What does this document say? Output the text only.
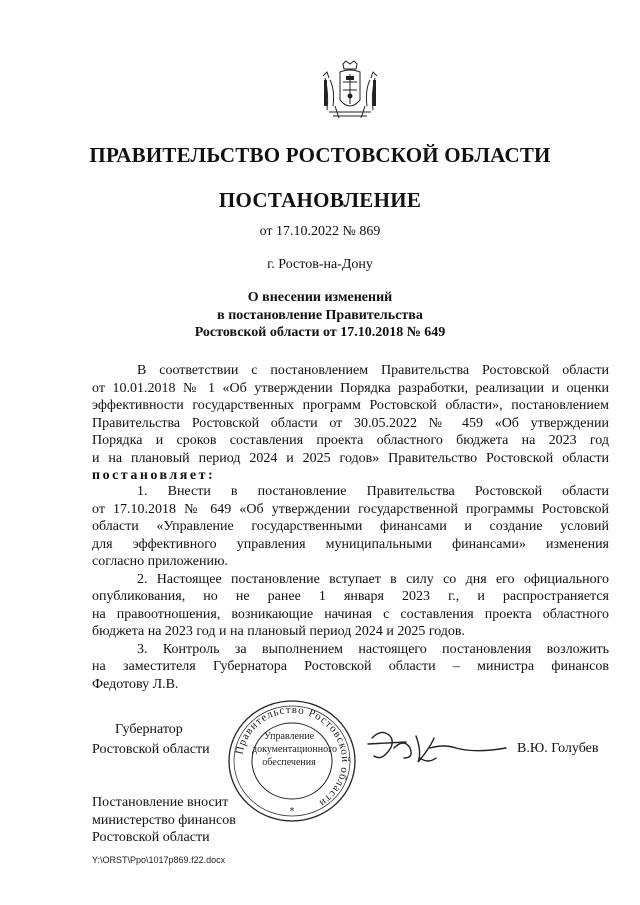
ПРАВИТЕЛЬСТВО РОСТОВСКОЙ ОБЛАСТИ
ПОСТАНОВЛЕНИЕ
от 17.10.2022 № 869
г. Ростов-на-Дону
О внесении изменений
в постановление Правительства
Ростовской области от 17.10.2018 № 649
В соответствии с постановлением Правительства Ростовской области
от 10.01.2018 № 1 «Об утверждении Порядка разработки, реализации и оценки
эффективности государственных программ Ростовской области», постановлением
Правительства Ростовской области от 30.05.2022 № 459 «Об утверждении
Порядка и сроков составления проекта областного бюджета на 2023 год
и на плановый период 2024 и 2025 годов» Правительство Ростовской области
постановляет:
1. Внести в постановление Правительства Ростовской области
от 17.10.2018 № 649 «Об утверждении государственной программы Ростовской
области «Управление государственными финансами и создание условий
для эффективного управления муниципальными финансами» изменения
согласно приложению.
2. Настоящее постановление вступает в силу со дня его официального
опубликования, но не ранее 1 января 2023 г., и распространяется
на правоотношения, возникающие начиная с составления проекта областного
бюджета на 2023 год и на плановый период 2024 и 2025 годов.
3. Контроль за выполнением настоящего постановления возложить
на заместителя Губернатора Ростовской области – министра финансов
Федотову Л.В.
Губернатор
Ростовской области Правительство Ростовской области
*
Управление
документационного
обеспечения
В.Ю. Голубев
Постановление вносит
министерство финансов
Ростовской области
Y:\ORST\Ppo\1017p869.f22.docx
